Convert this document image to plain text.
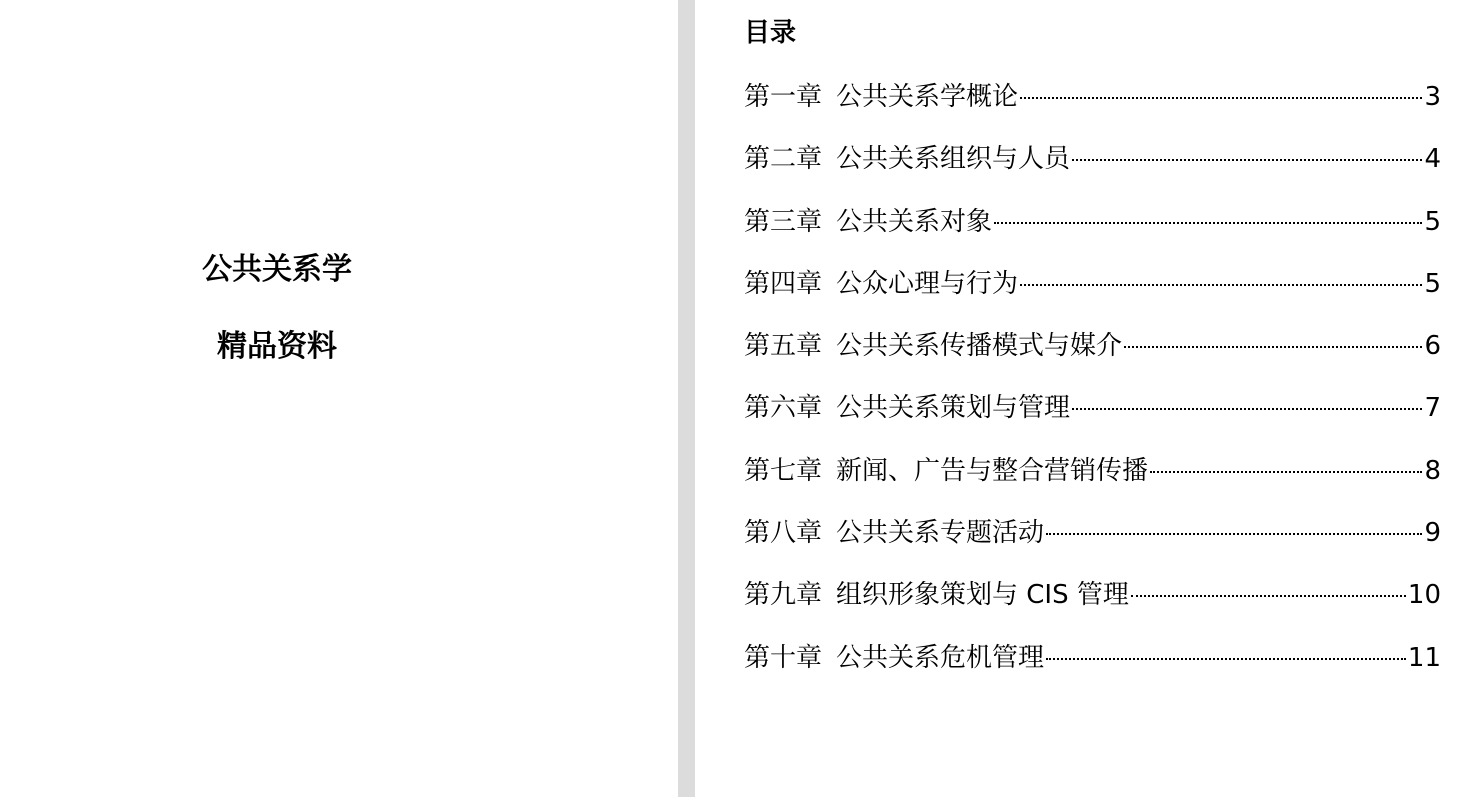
公共关系学
精品资料
目录
第一章 公共关系学概论	3
第二章 公共关系组织与人员	4
第三章 公共关系对象	5
第四章 公众心理与行为	5
第五章 公共关系传播模式与媒介	6
第六章 公共关系策划与管理	7
第七章 新闻、广告与整合营销传播	8
第八章 公共关系专题活动	9
第九章 组织形象策划与 CIS 管理	10
第十章 公共关系危机管理	11
